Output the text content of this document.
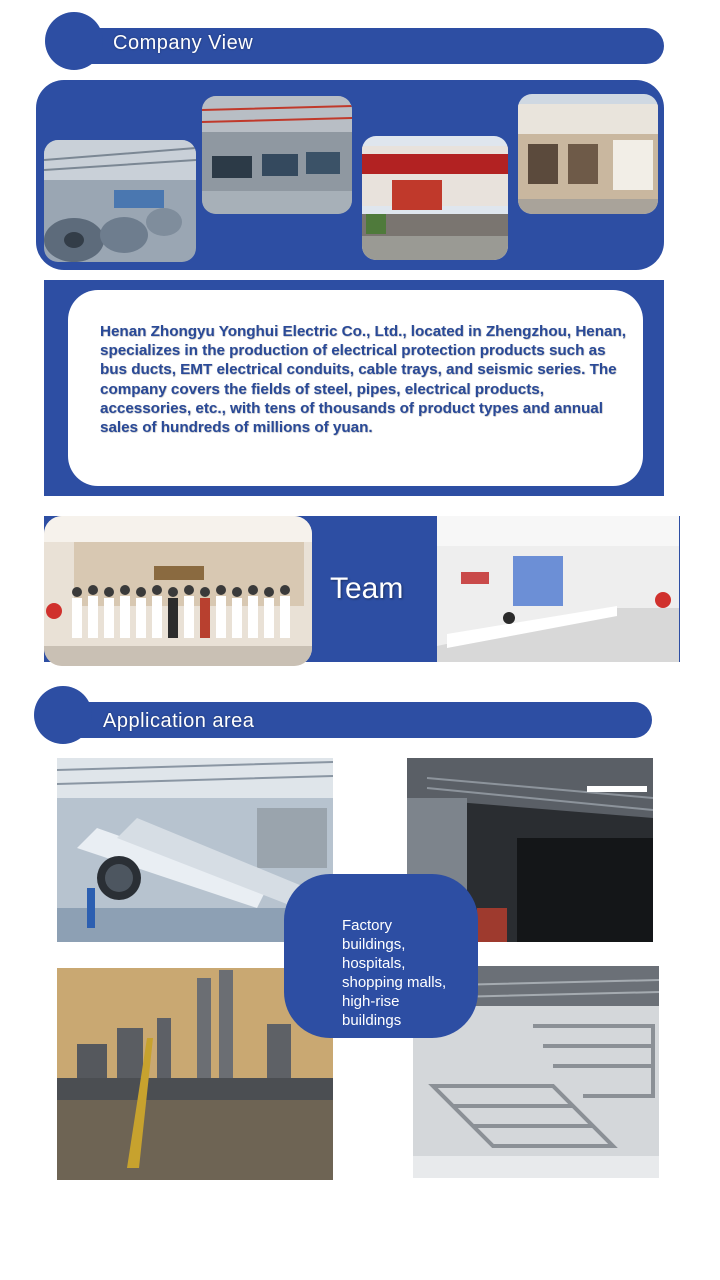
Company View
Henan Zhongyu Yonghui Electric Co., Ltd., located in Zhengzhou, Henan, specializes in the production of electrical protection products such as bus ducts, EMT electrical conduits, cable trays, and seismic series. The company covers the fields of steel, pipes, electrical products, accessories, etc., with tens of thousands of product types and annual sales of hundreds of millions of yuan.
Team
Application area
Factory
buildings,
hospitals,
shopping malls,
high-rise
buildings
